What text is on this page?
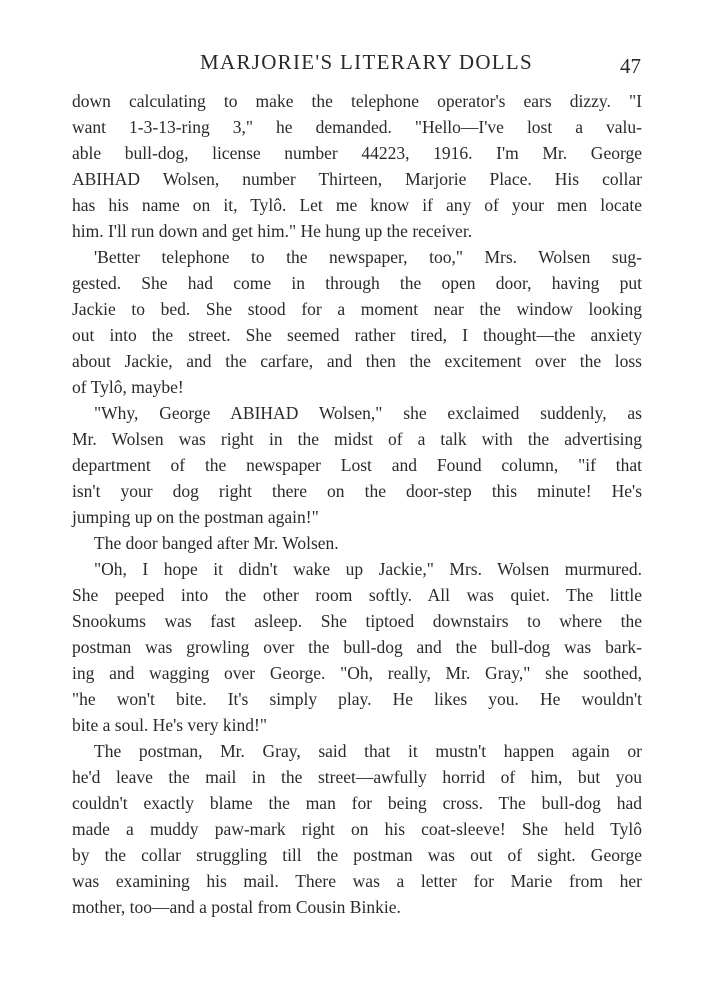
MARJORIE'S LITERARY DOLLS	47
down calculating to make the telephone operator's ears dizzy. "I
want 1-3-13-ring 3," he demanded. "Hello—I've lost a valu-
able bull-dog, license number 44223, 1916. I'm Mr. George
ABIHAD Wolsen, number Thirteen, Marjorie Place. His collar
has his name on it, Tylô. Let me know if any of your men locate
him. I'll run down and get him." He hung up the receiver.
'Better telephone to the newspaper, too," Mrs. Wolsen sug-
gested. She had come in through the open door, having put
Jackie to bed. She stood for a moment near the window looking
out into the street. She seemed rather tired, I thought—the anxiety
about Jackie, and the carfare, and then the excitement over the loss
of Tylô, maybe!
"Why, George ABIHAD Wolsen," she exclaimed suddenly, as
Mr. Wolsen was right in the midst of a talk with the advertising
department of the newspaper Lost and Found column, "if that
isn't your dog right there on the door-step this minute! He's
jumping up on the postman again!"
The door banged after Mr. Wolsen.
"Oh, I hope it didn't wake up Jackie," Mrs. Wolsen murmured.
She peeped into the other room softly. All was quiet. The little
Snookums was fast asleep. She tiptoed downstairs to where the
postman was growling over the bull-dog and the bull-dog was bark-
ing and wagging over George. "Oh, really, Mr. Gray," she soothed,
"he won't bite. It's simply play. He likes you. He wouldn't
bite a soul. He's very kind!"
The postman, Mr. Gray, said that it mustn't happen again or
he'd leave the mail in the street—awfully horrid of him, but you
couldn't exactly blame the man for being cross. The bull-dog had
made a muddy paw-mark right on his coat-sleeve! She held Tylô
by the collar struggling till the postman was out of sight. George
was examining his mail. There was a letter for Marie from her
mother, too—and a postal from Cousin Binkie.
